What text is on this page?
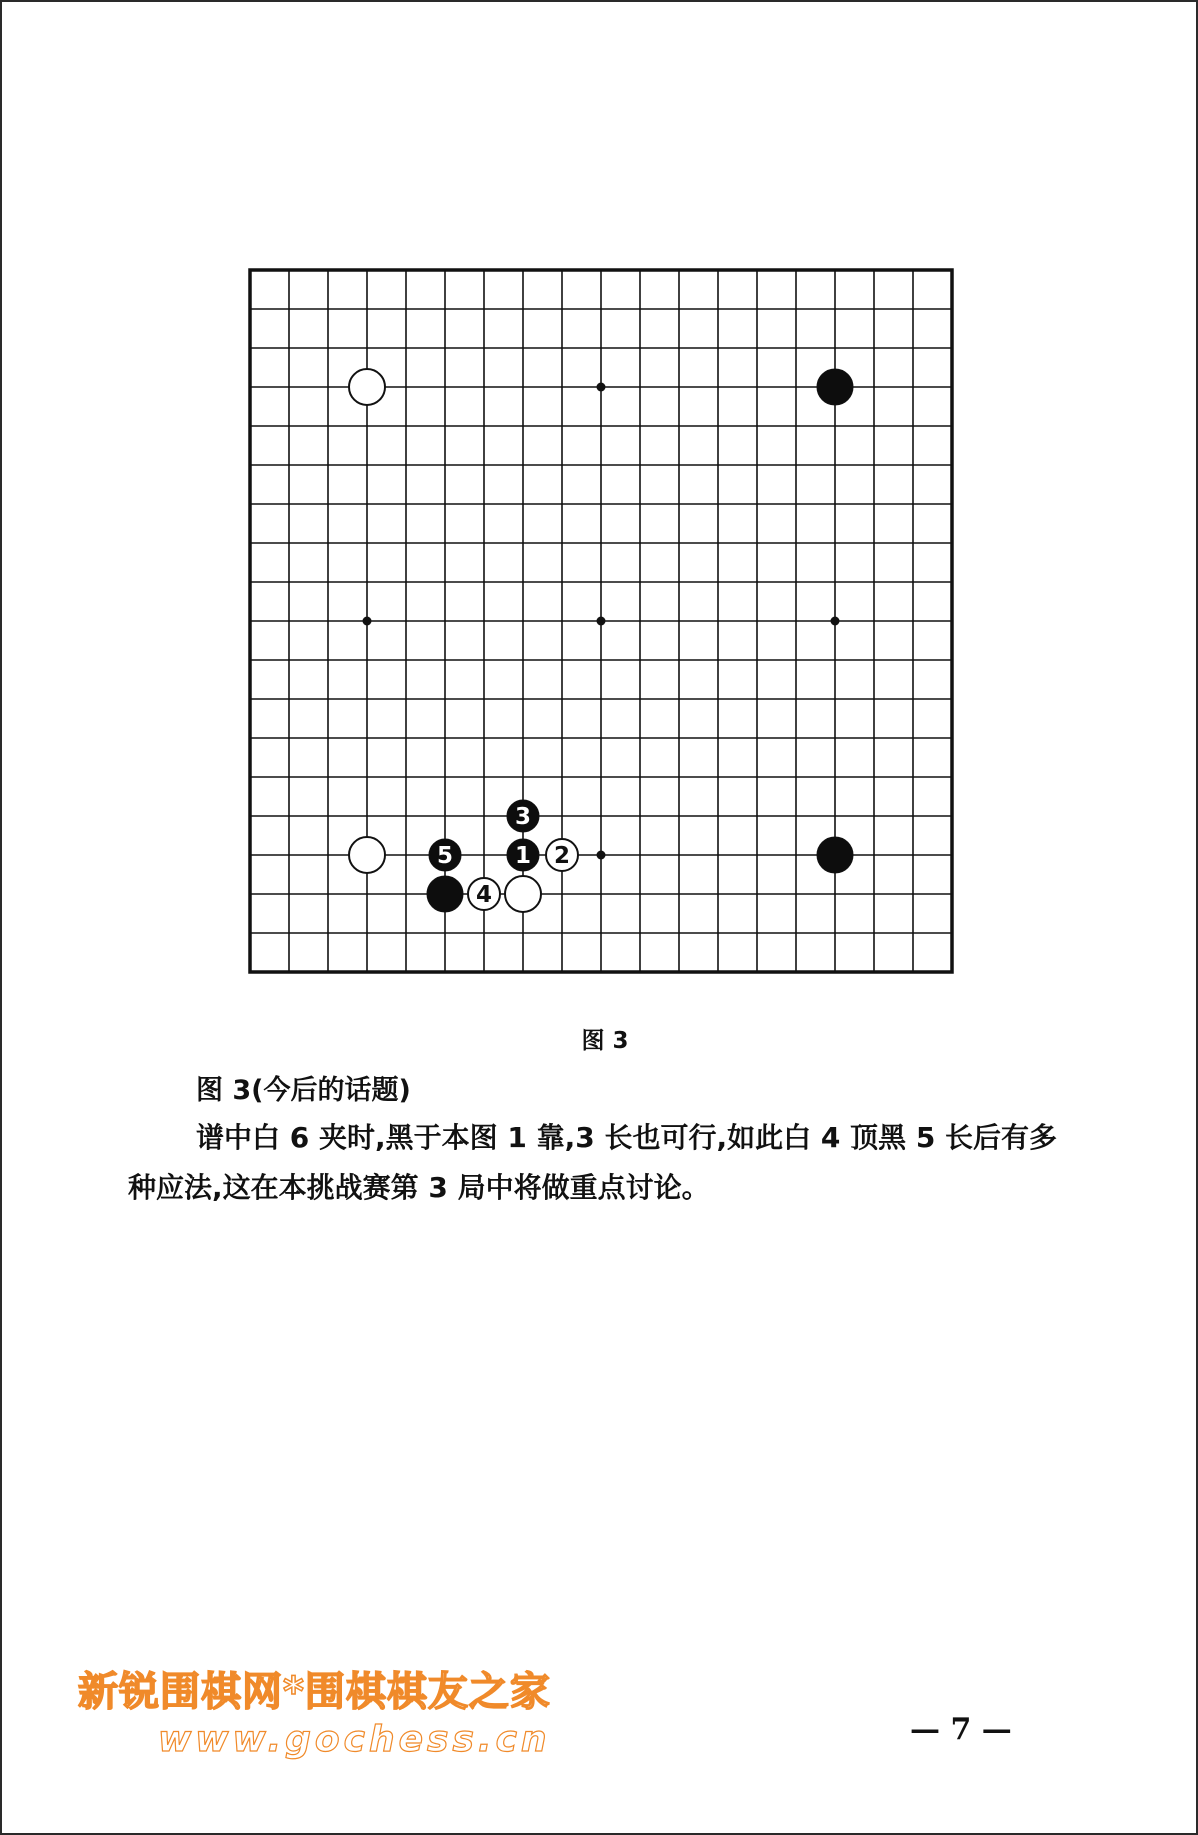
1 2
3
4
5
图 3
图 3(今后的话题)

谱中白 6 夹时,黑于本图 1 靠,3 长也可行,如此白 4 顶黑 5 长后有多种应法,这在本挑战赛第 3 局中将做重点讨论。

新锐围棋网*围棋棋友之家
www.gochess.cn	— 7 —
